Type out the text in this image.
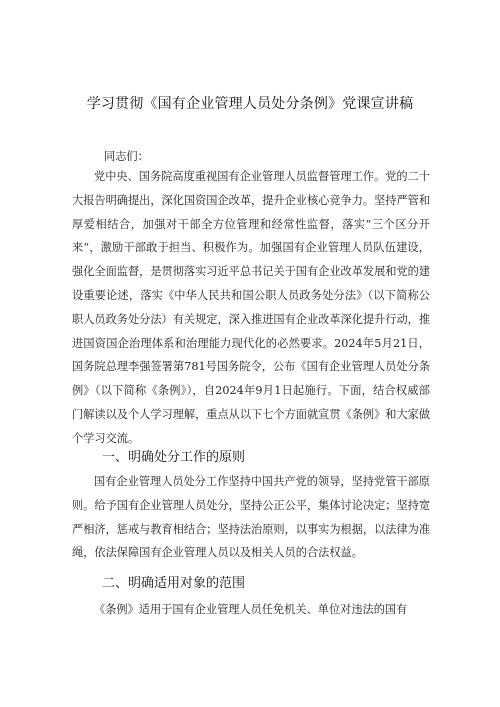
学习贯彻《国有企业管理人员处分条例》党课宣讲稿
同志们：
党中央、国务院高度重视国有企业管理人员监督管理工作。党的二十大报告明确提出，深化国资国企改革，提升企业核心竞争力。坚持严管和厚爱相结合，加强对干部全方位管理和经常性监督，落实“三个区分开来“，激励干部敢于担当、积极作为。加强国有企业管理人员队伍建设，强化全面监督，是贯彻落实习近平总书记关于国有企业改革发展和党的建设重要论述，落实《中华人民共和国公职人员政务处分法》（以下简称公职人员政务处分法）有关规定，深入推进国有企业改革深化提升行动，推进国资国企治理体系和治理能力现代化的必然要求。2024年5月21日，国务院总理李强签署第781号国务院令，公布《国有企业管理人员处分条例》（以下简称《条例》），自2024年9月1日起施行。下面，结合权威部门解读以及个人学习理解，重点从以下七个方面就宣贯《条例》和大家做个学习交流。
一、明确处分工作的原则
国有企业管理人员处分工作坚持中国共产党的领导，坚持党管干部原则。给予国有企业管理人员处分，坚持公正公平，集体讨论决定；坚持宽严相济，惩戒与教育相结合；坚持法治原则，以事实为根据，以法律为准绳，依法保障国有企业管理人员以及相关人员的合法权益。
二、明确适用对象的范围
《条例》适用于国有企业管理人员任免机关、单位对违法的国有
